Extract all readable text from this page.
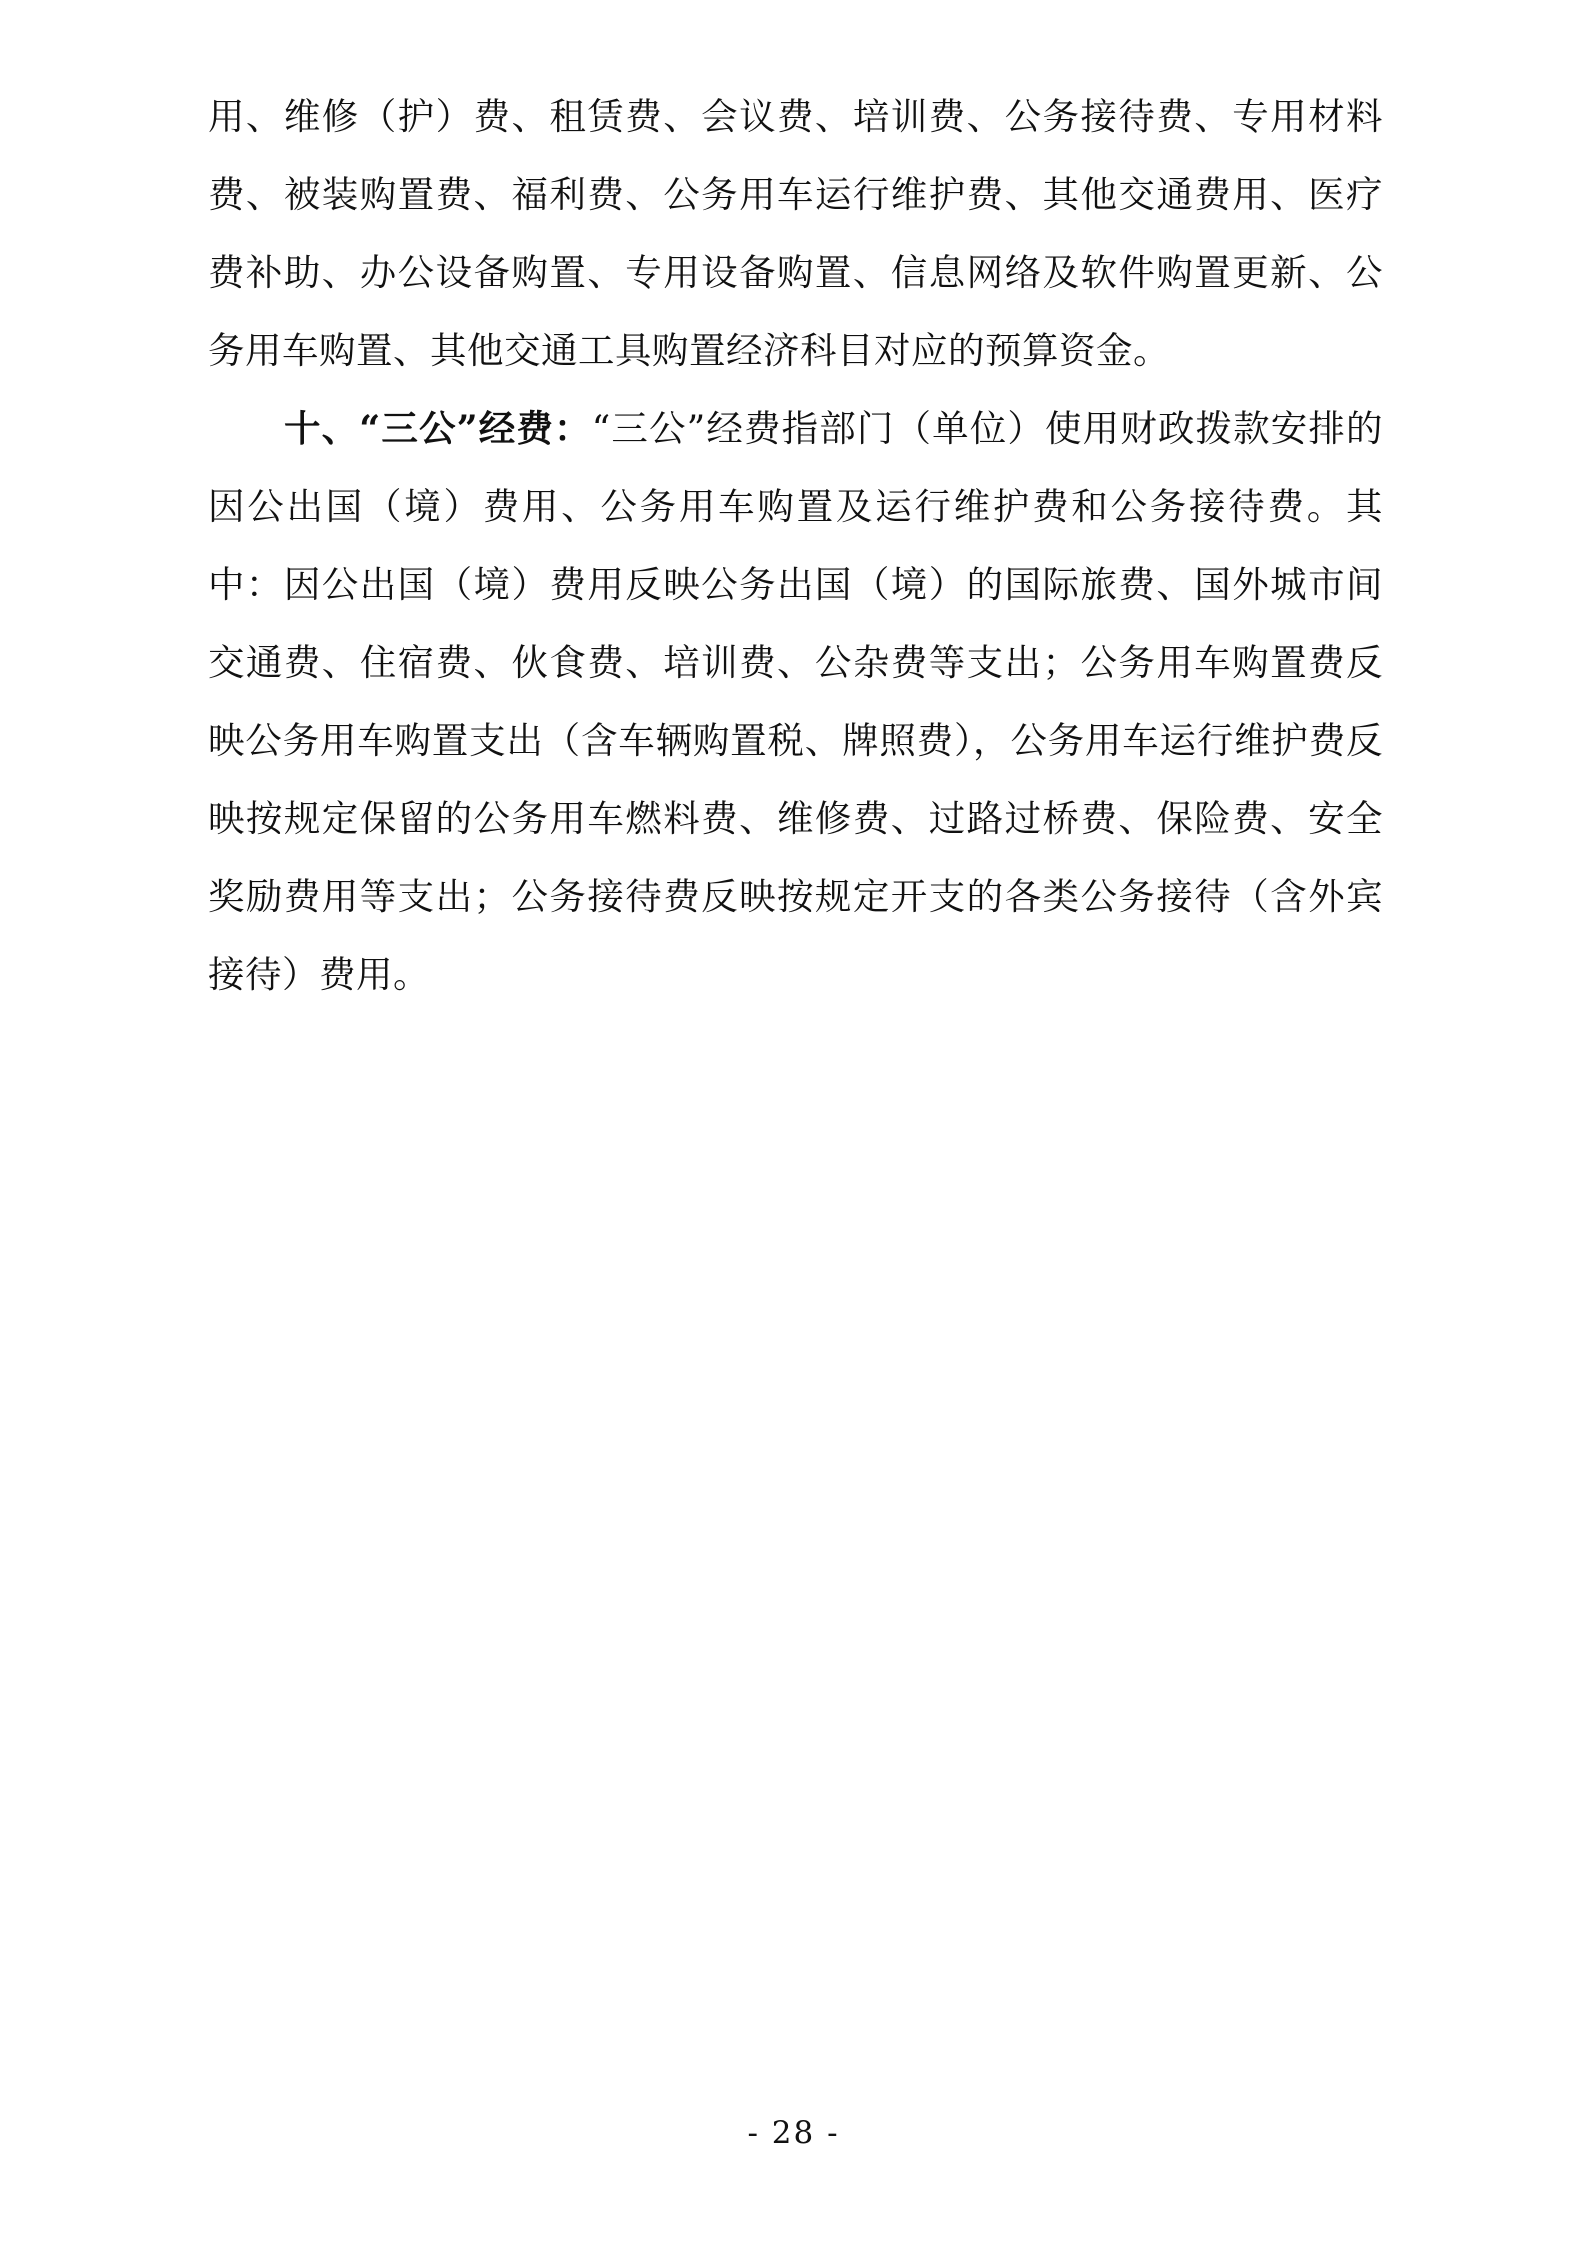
用、维修（护）费、租赁费、会议费、培训费、公务接待费、专用材料费、被装购置费、福利费、公务用车运行维护费、其他交通费用、医疗费补助、办公设备购置、专用设备购置、信息网络及软件购置更新、公务用车购置、其他交通工具购置经济科目对应的预算资金。

十、“三公”经费：“三公”经费指部门（单位）使用财政拨款安排的因公出国（境）费用、公务用车购置及运行维护费和公务接待费。其中：因公出国（境）费用反映公务出国（境）的国际旅费、国外城市间交通费、住宿费、伙食费、培训费、公杂费等支出；公务用车购置费反映公务用车购置支出（含车辆购置税、牌照费），公务用车运行维护费反映按规定保留的公务用车燃料费、维修费、过路过桥费、保险费、安全奖励费用等支出；公务接待费反映按规定开支的各类公务接待（含外宾接待）费用。

- 28 -
